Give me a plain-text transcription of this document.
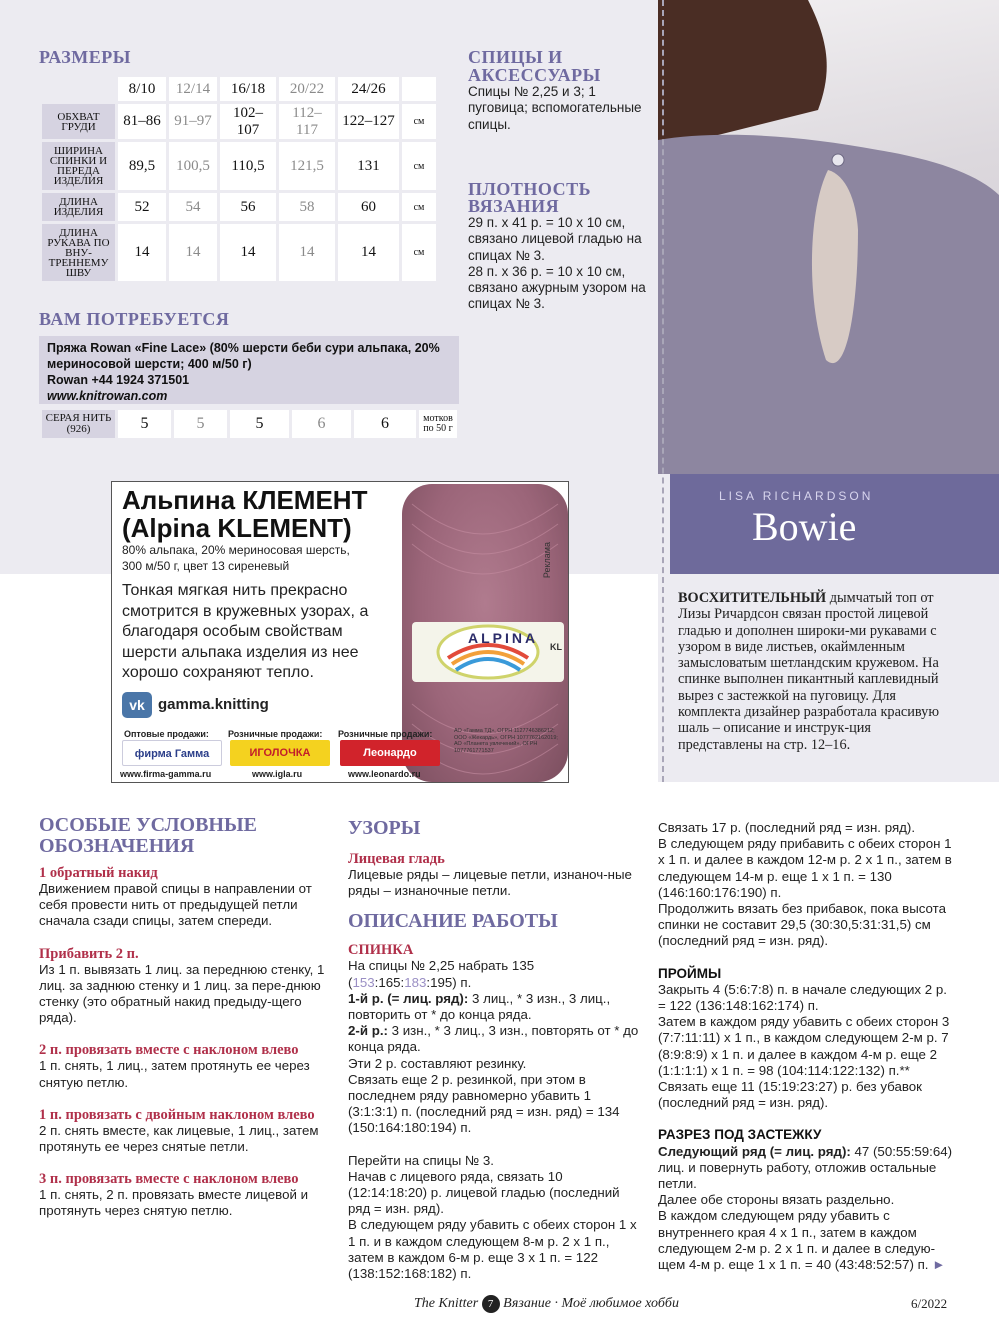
РАЗМЕРЫ
	8/10	12/14	16/18	20/22	24/26	
ОБХВАТ ГРУДИ	81–86	91–97	102–107	112–117	122–127	см
ШИРИНА СПИНКИ И ПЕРЕДА ИЗДЕЛИЯ	89,5	100,5	110,5	121,5	131	см
ДЛИНА ИЗДЕЛИЯ	52	54	56	58	60	см
ДЛИНА РУКАВА ПО ВНУ-ТРЕННЕМУ ШВУ	14	14	14	14	14	см
ВАМ ПОТРЕБУЕТСЯ
Пряжа Rowan «Fine Lace» (80% шерсти беби сури альпака, 20%
мериносовой шерсти; 400 м/50 г)
Rowan +44 1924 371501
www.knitrowan.com
СЕРАЯ НИТЬ (926)	5	5	5	6	6	мотков по 50 г
СПИЦЫ И АКСЕССУАРЫ
Спицы № 2,25 и 3; 1 пуговица; вспомогательные спицы.
ПЛОТНОСТЬ ВЯЗАНИЯ
29 п. х 41 р. = 10 х 10 см, связано лицевой гладью на спицах № 3.
28 п. х 36 р. = 10 х 10 см, связано ажурным узором на спицах № 3.
LISA RICHARDSON
Bowie
ВОСХИТИТЕЛЬНЫЙ дымчатый топ от Лизы Ричардсон связан простой лицевой гладью и дополнен широки-ми рукавами с узором в виде листьев, окаймленным замысловатым шетландским кружевом. На спинке выполнен пикантный каплевидный вырез с застежкой на пуговицу. Для комплекта дизайнер разработала красивую шаль – описание и инструк-ция представлены на стр. 12–16.
ALPINA
KL
Реклама
Альпина КЛЕМЕНТ
(Alpina KLEMENT)
80% альпака, 20% мериносовая шерсть,
300 м/50 г, цвет 13 сиреневый
Тонкая мягкая нить прекрасно смотрится в кружевных узорах, а благодаря особым свойствам шерсти альпака изделия из нее хорошо сохраняют тепло.
vk gamma.knitting
Оптовые продажи:
фирма Гамма
www.firma-gamma.ru
Розничные продажи:
ИГОЛОЧКА
www.igla.ru
Розничные продажи:
Леонардо
www.leonardo.ru
АО «Гамма ТД», ОГРН 1127746386212; ООО «Жекардь», ОГРН 1077762162019; АО «Планета увлечений», ОГРН 1077761771537
ОСОБЫЕ УСЛОВНЫЕ ОБОЗНАЧЕНИЯ
1 обратный накид
Движением правой спицы в направлении от себя провести нить от предыдущей петли сначала сзади спицы, затем спереди.
Прибавить 2 п.
Из 1 п. вывязать 1 лиц. за переднюю стенку, 1 лиц. за заднюю стенку и 1 лиц. за пере-днюю стенку (это обратный накид предыду-щего ряда).
2 п. провязать вместе с наклоном влево
1 п. снять, 1 лиц., затем протянуть ее через снятую петлю.
1 п. провязать с двойным наклоном влево
2 п. снять вместе, как лицевые, 1 лиц., затем протянуть ее через снятые петли.
3 п. провязать вместе с наклоном влево
1 п. снять, 2 п. провязать вместе лицевой и протянуть через снятую петлю.
УЗОРЫ
Лицевая гладь
Лицевые ряды – лицевые петли, изнаноч-ные ряды – изнаночные петли.
ОПИСАНИЕ РАБОТЫ
СПИНКА
На спицы № 2,25 набрать 135 (153:165:183:195) п.
1-й р. (= лиц. ряд): 3 лиц., * 3 изн., 3 лиц., повторить от * до конца ряда.
2-й р.: 3 изн., * 3 лиц., 3 изн., повторять от * до конца ряда.
Эти 2 р. составляют резинку.
Связать еще 2 р. резинкой, при этом в последнем ряду равномерно убавить 1 (3:1:3:1) п. (последний ряд = изн. ряд) = 134 (150:164:180:194) п.
Перейти на спицы № 3.
Начав с лицевого ряда, связать 10 (12:14:18:20) р. лицевой гладью (последний ряд = изн. ряд).
В следующем ряду убавить с обеих сторон 1 х 1 п. и в каждом следующем 8-м р. 2 х 1 п., затем в каждом 6-м р. еще 3 х 1 п. = 122 (138:152:168:182) п.
Связать 17 р. (последний ряд = изн. ряд).
В следующем ряду прибавить с обеих сторон 1 х 1 п. и далее в каждом 12-м р. 2 х 1 п., затем в следующем 14-м р. еще 1 х 1 п. = 130 (146:160:176:190) п.
Продолжить вязать без прибавок, пока высота спинки не составит 29,5 (30:30,5:31:31,5) см (последний ряд = изн. ряд).
ПРОЙМЫ
Закрыть 4 (5:6:7:8) п. в начале следующих 2 р. = 122 (136:148:162:174) п.
Затем в каждом ряду убавить с обеих сторон 3 (7:7:11:11) х 1 п., в каждом следующем 2-м р. 7 (8:9:8:9) х 1 п. и далее в каждом 4-м р. еще 2 (1:1:1:1) х 1 п. = 98 (104:114:122:132) п.**
Связать еще 11 (15:19:23:27) р. без убавок (последний ряд = изн. ряд).
РАЗРЕЗ ПОД ЗАСТЕЖКУ
Следующий ряд (= лиц. ряд): 47 (50:55:59:64) лиц. и повернуть работу, отложив остальные петли.
Далее обе стороны вязать раздельно.
В каждом следующем ряду убавить с внутреннего края 4 х 1 п., затем в каждом следующем 2-м р. 2 х 1 п. и далее в следую-щем 4-м р. еще 1 х 1 п. = 40 (43:48:52:57) п. ►
The Knitter 7 Вязание · Моё любимое хобби	6/2022
